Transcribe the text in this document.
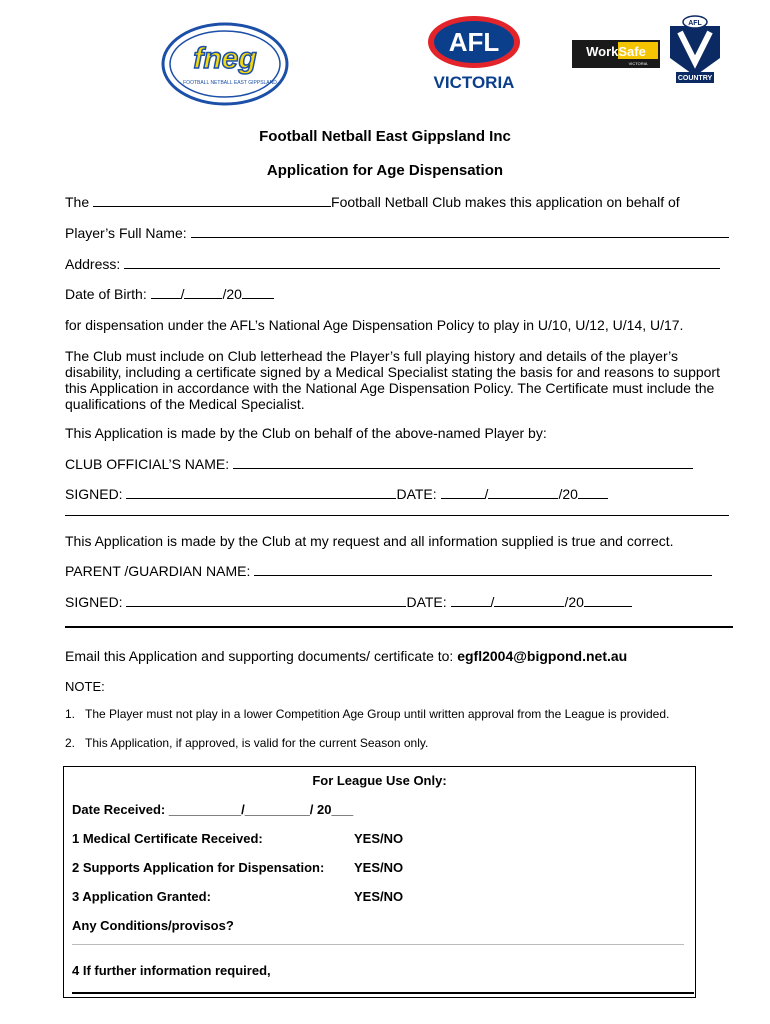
fneg
FOOTBALL NETBALL EAST GIPPSLAND
AFL
VICTORIA
WorkSafe
VICTORIA
AFL
COUNTRY
Football Netball East Gippsland Inc
Application for Age Dispensation
The	Football Netball Club makes this application on behalf of
Player’s Full Name:
Address:
Date of Birth: /	/20
for dispensation under the AFL’s National Age Dispensation Policy to play in U/10, U/12, U/14, U/17.
The Club must include on Club letterhead the Player’s full playing history and details of the player’s disability, including a certificate signed by a Medical Specialist stating the basis for and reasons to support this Application in accordance with the National Age Dispensation Policy. The Certificate must include the qualifications of the Medical Specialist.
This Application is made by the Club on behalf of the above-named Player by:
CLUB OFFICIAL’S NAME:
SIGNED:	DATE:	/	/20
This Application is made by the Club at my request and all information supplied is true and correct.
PARENT /GUARDIAN NAME:
SIGNED:	DATE:	/	/20
Email this Application and supporting documents/ certificate to: egfl2004@bigpond.net.au
NOTE:
1. The Player must not play in a lower Competition Age Group until written approval from the League is provided.
2. This Application, if approved, is valid for the current Season only.
For League Use Only:
Date Received: __________/_________/ 20___
1 Medical Certificate Received:	YES/NO
2 Supports Application for Dispensation: YES/NO
3 Application Granted:	YES/NO
Any Conditions/provisos?
4 If further information required,
